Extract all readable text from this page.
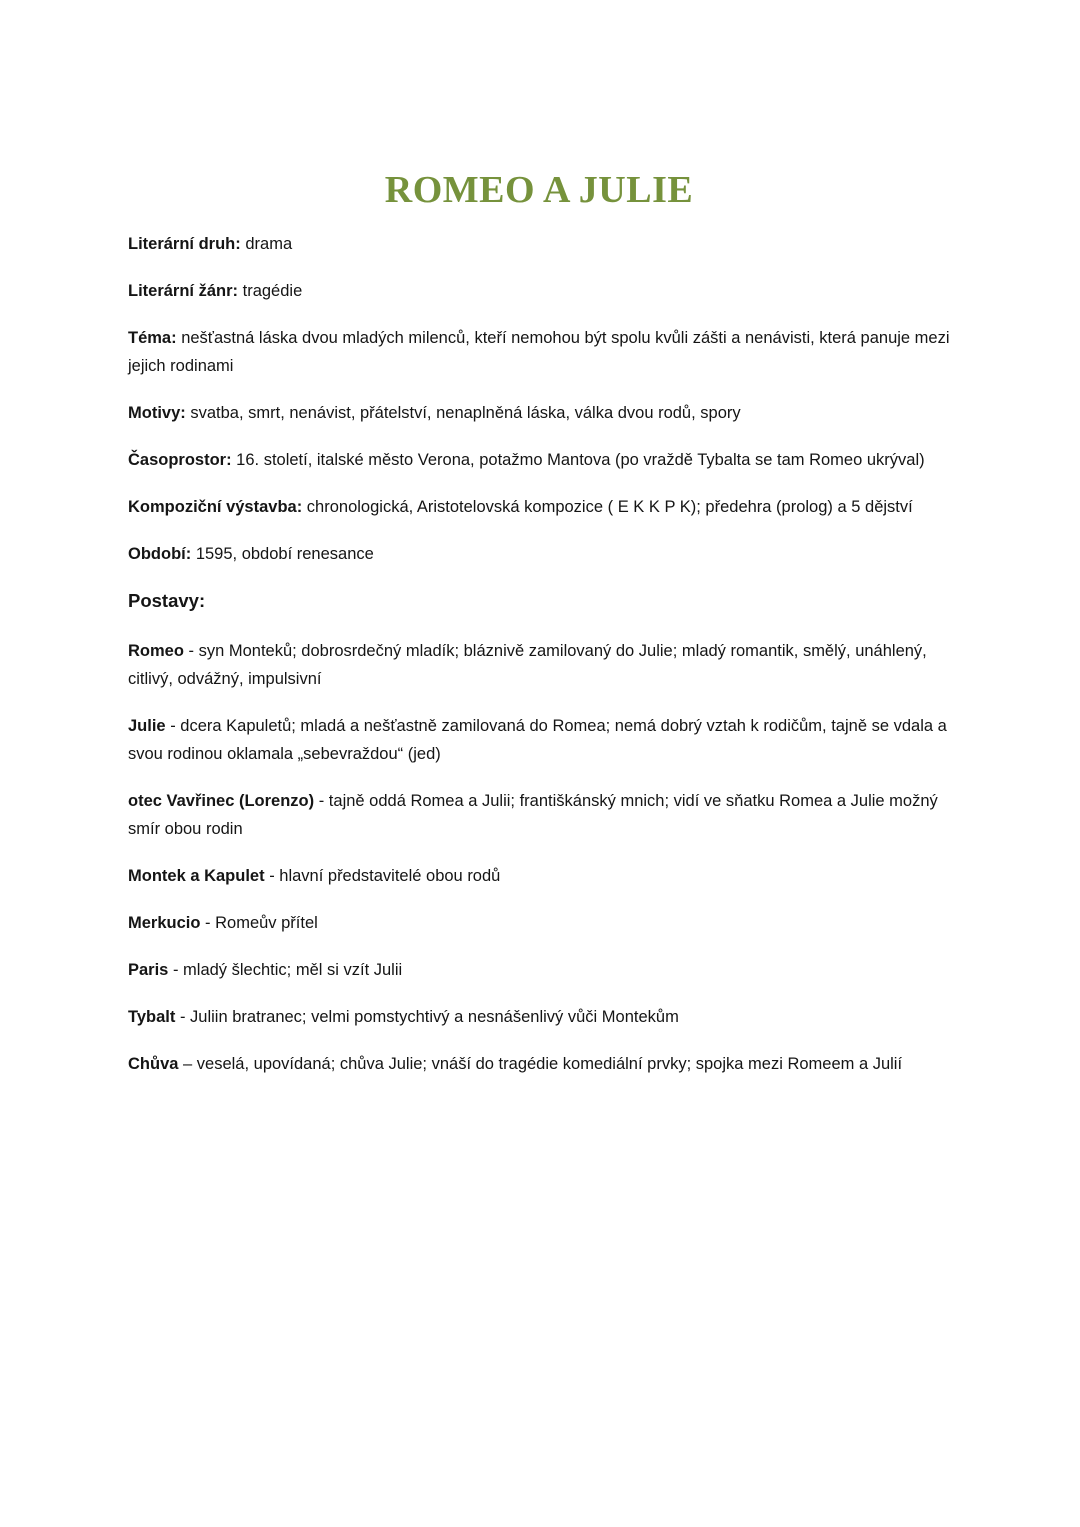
ROMEO A JULIE

Literární druh: drama

Literární žánr: tragédie

Téma: nešťastná láska dvou mladých milenců, kteří nemohou být spolu kvůli zášti a nenávisti, která panuje mezi jejich rodinami

Motivy: svatba, smrt, nenávist, přátelství, nenaplněná láska, válka dvou rodů, spory

Časoprostor: 16. století, italské město Verona, potažmo Mantova (po vraždě Tybalta se tam Romeo ukrýval)

Kompoziční výstavba: chronologická, Aristotelovská kompozice ( E K K P K); předehra (prolog) a 5 dějství

Období: 1595, období renesance

Postavy:

Romeo - syn Monteků; dobrosrdečný mladík; bláznivě zamilovaný do Julie; mladý romantik, smělý, unáhlený, citlivý, odvážný, impulsivní

Julie - dcera Kapuletů; mladá a nešťastně zamilovaná do Romea; nemá dobrý vztah k rodičům, tajně se vdala a svou rodinou oklamala „sebevraždou“ (jed)

otec Vavřinec (Lorenzo) - tajně oddá Romea a Julii; františkánský mnich; vidí ve sňatku Romea a Julie možný smír obou rodin

Montek a Kapulet - hlavní představitelé obou rodů

Merkucio - Romeův přítel

Paris - mladý šlechtic; měl si vzít Julii

Tybalt - Juliin bratranec; velmi pomstychtivý a nesnášenlivý vůči Montekům

Chůva – veselá, upovídaná; chůva Julie; vnáší do tragédie komediální prvky; spojka mezi Romeem a Julií
